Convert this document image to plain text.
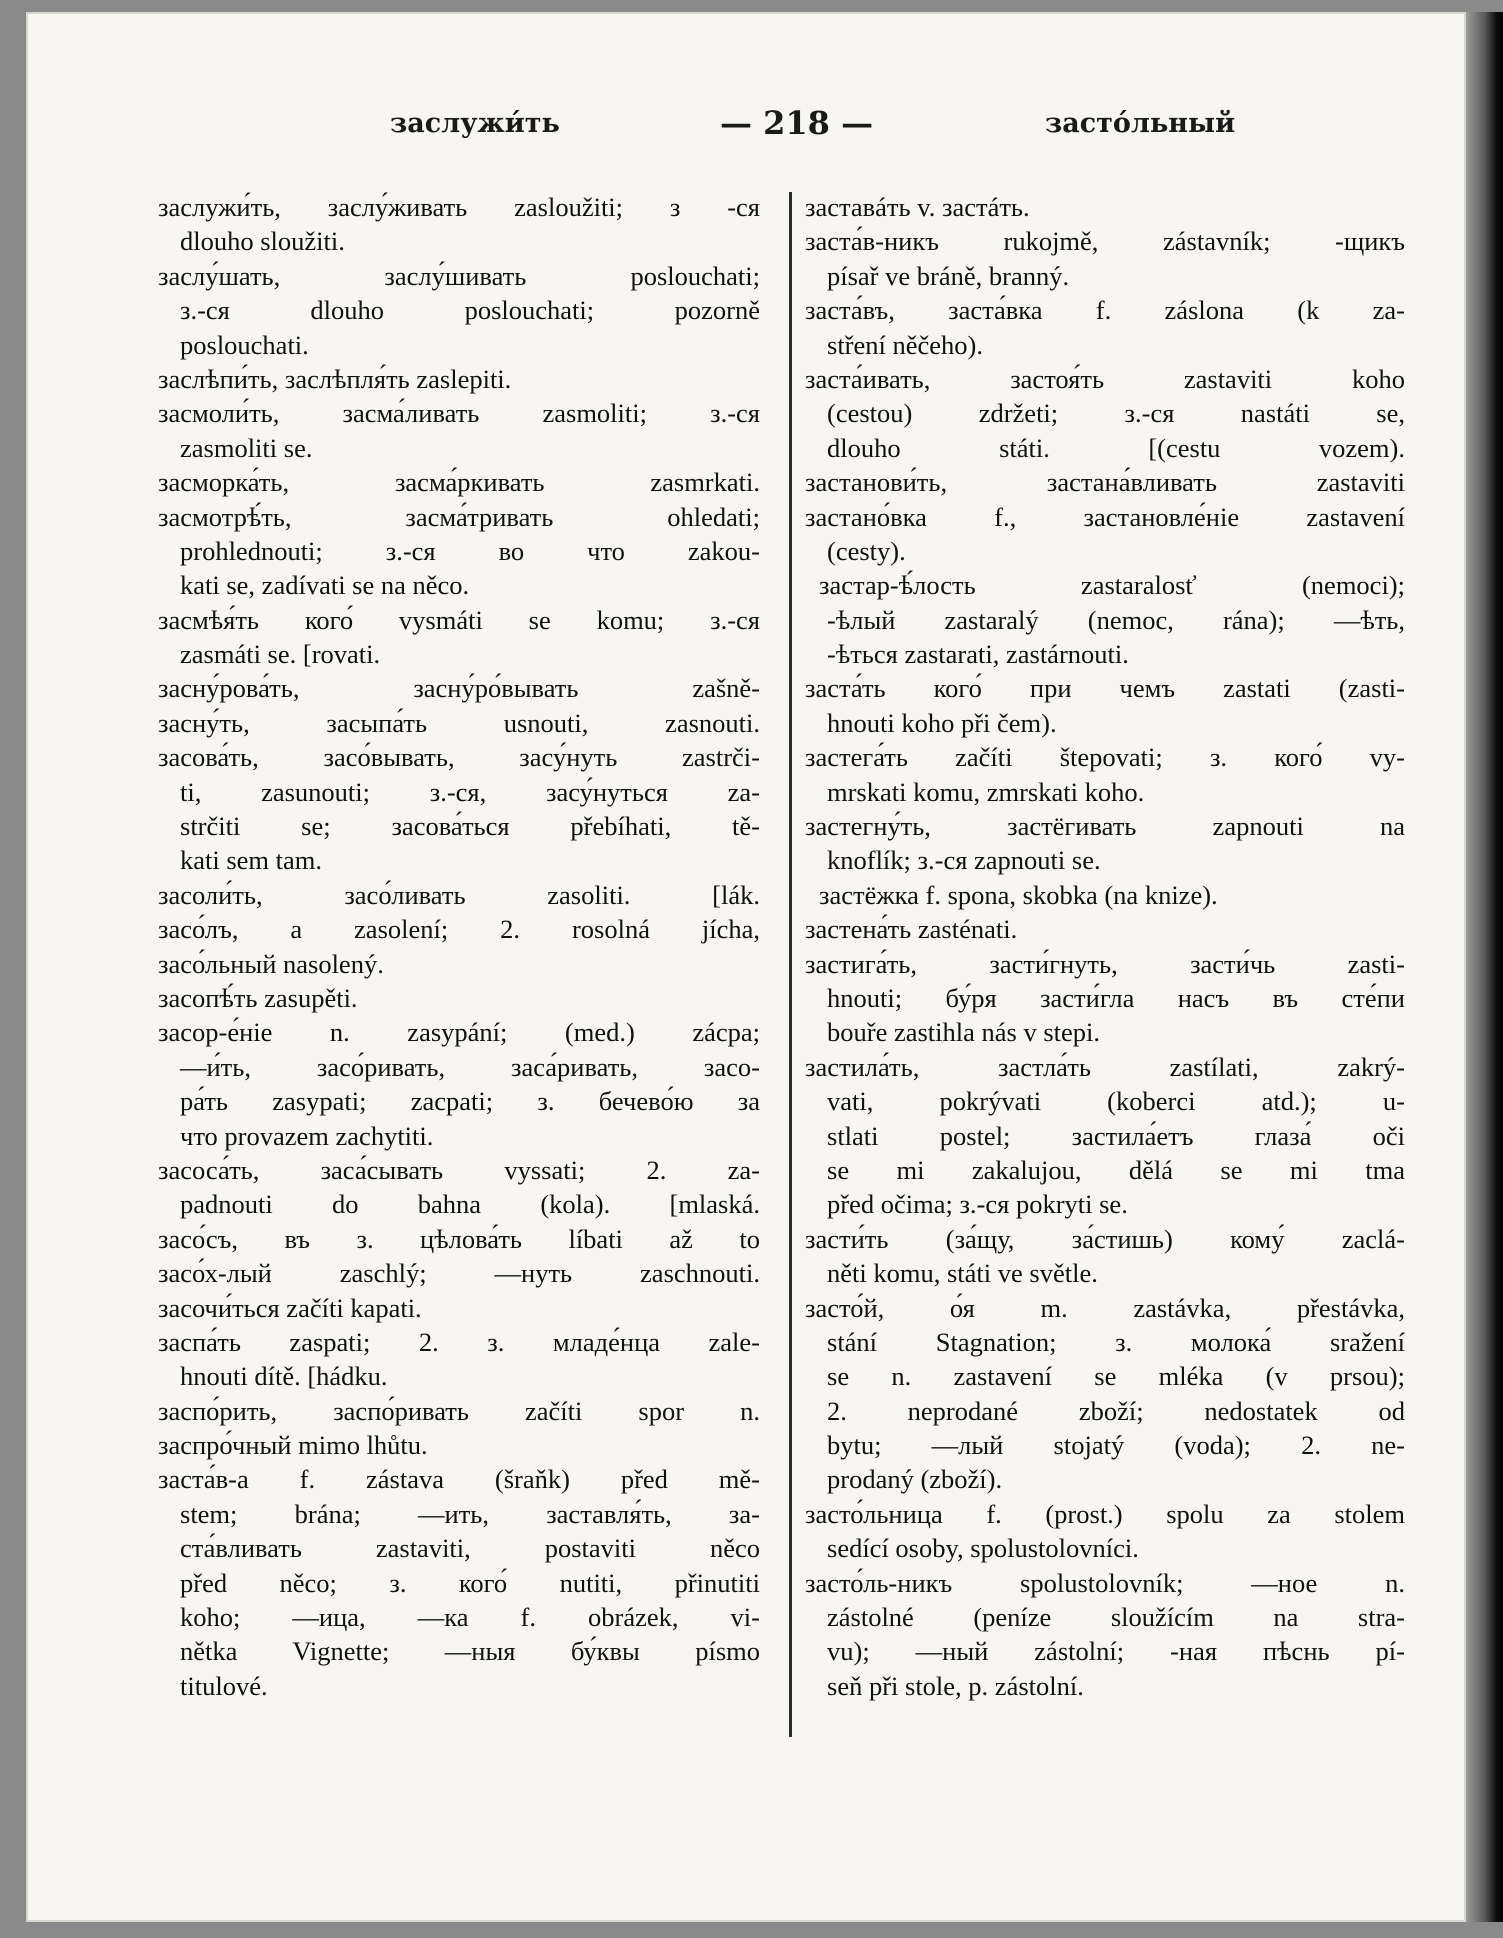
заслужи́ть	— 218 —	засто́льный
заслужи́ть, заслу́живать zasloužiti; з -ся
dlouho sloužiti.
заслу́шать, заслу́шивать poslouchati;
з.-ся dlouho poslouchati; pozorně
poslouchati.
заслѣпи́ть, заслѣпля́ть zaslepiti.
засмоли́ть, засма́ливать zasmoliti; з.-ся
zasmoliti se.
засморка́ть, засма́ркивать zasmrkati.
засмотрѣ́ть, засма́тривать ohledati;
prohlednouti; з.-ся во что zakou-
kati se, zadívati se na něco.
засмѣя́ть кого́ vysmáti se komu; з.-ся
zasmáti se. [rovati.
засну́рова́ть, засну́ро́вывать zašně-
засну́ть, засыпа́ть usnouti, zasnouti.
засова́ть, засо́вывать, засу́нуть zastrči-
ti, zasunouti; з.-ся, засу́нуться za-
strčiti se; засова́ться přebíhati, tě-
kati sem tam.
засоли́ть, засо́ливать zasoliti. [lák.
засо́лъ, a zasolení; 2. rosolná jícha,
засо́льный nasolený.
засопѣ́ть zasupěti.
засор-е́ніе n. zasypání; (med.) zácpa;
—и́ть, засо́ривать, заса́ривать, засо-
ра́ть zasypati; zacpati; з. бечево́ю за
что provazem zachytiti.
засоса́ть, заса́сывать vyssati; 2. za-
padnouti do bahna (kola). [mlaská.
засо́съ, въ з. цѣлова́ть líbati až to
засо́х-лый zaschlý; —нуть zaschnouti.
засочи́ться začíti kapati.
заспа́ть zaspati; 2. з. младе́нца zale-
hnouti dítě. [hádku.
заспо́рить, заспо́ривать začíti spor n.
заспро́чный mimo lhůtu.
заста́в-а f. zástava (šraňk) před mě-
stem; brána; —ить, заставля́ть, за-
ста́вливать zastaviti, postaviti něco
před něco; з. кого́ nutiti, přinutiti
koho; —ица, —ка f. obrázek, vi-
nětka Vignette; —ныя бу́квы písmo
titulové.
заставáть v. застáть.
заста́в-никъ rukojmě, zástavník; -щикъ
písař ve bráně, branný.
заста́въ, заста́вка f. záslona (k za-
stření něčeho).
заста́ивать, застоя́ть zastaviti koho
(cestou) zdržeti; з.-ся nastáti se,
dlouho státi. [(cestu vozem).
застанови́ть, застана́вливать zastaviti
застано́вка f., застановле́ніе zastavení
(cesty).
застар-ѣ́лость zastaralosť (nemoci);
-ѣлый zastaralý (nemoc, rána); —ѣть,
-ѣться zastarati, zastárnouti.
заста́ть кого́ при чемъ zastati (zasti-
hnouti koho při čem).
застега́ть začíti štepovati; з. кого́ vy-
mrskati komu, zmrskati koho.
застегну́ть, застёгивать zapnouti na
knoflík; з.-ся zapnouti se.
застёжка f. spona, skobka (na knize).
застена́ть zasténati.
застига́ть, засти́гнуть, засти́чь zasti-
hnouti; бу́ря засти́гла насъ въ сте́пи
bouře zastihla nás v stepi.
застила́ть, застла́ть zastílati, zakrý-
vati, pokrývati (koberci atd.); u-
stlati postel; застила́етъ глаза́ oči
se mi zakalujou, dělá se mi tma
před očima; з.-ся pokryti se.
засти́ть (за́щу, за́стишь) кому́ zaclá-
něti komu, státi ve světle.
засто́й, о́я m. zastávka, přestávka,
stání Stagnation; з. молока́ sražení
se n. zastavení se mléka (v prsou);
2. neprodané zboží; nedostatek od
bytu; —лый stojatý (voda); 2. ne-
prodaný (zboží).
засто́льница f. (prost.) spolu za stolem
sedící osoby, spolustolovníci.
засто́ль-никъ spolustolovník; —ное n.
zástolné (peníze sloužícím na stra-
vu); —ный zástolní; -ная пѣснь pí-
seň při stole, p. zástolní.
